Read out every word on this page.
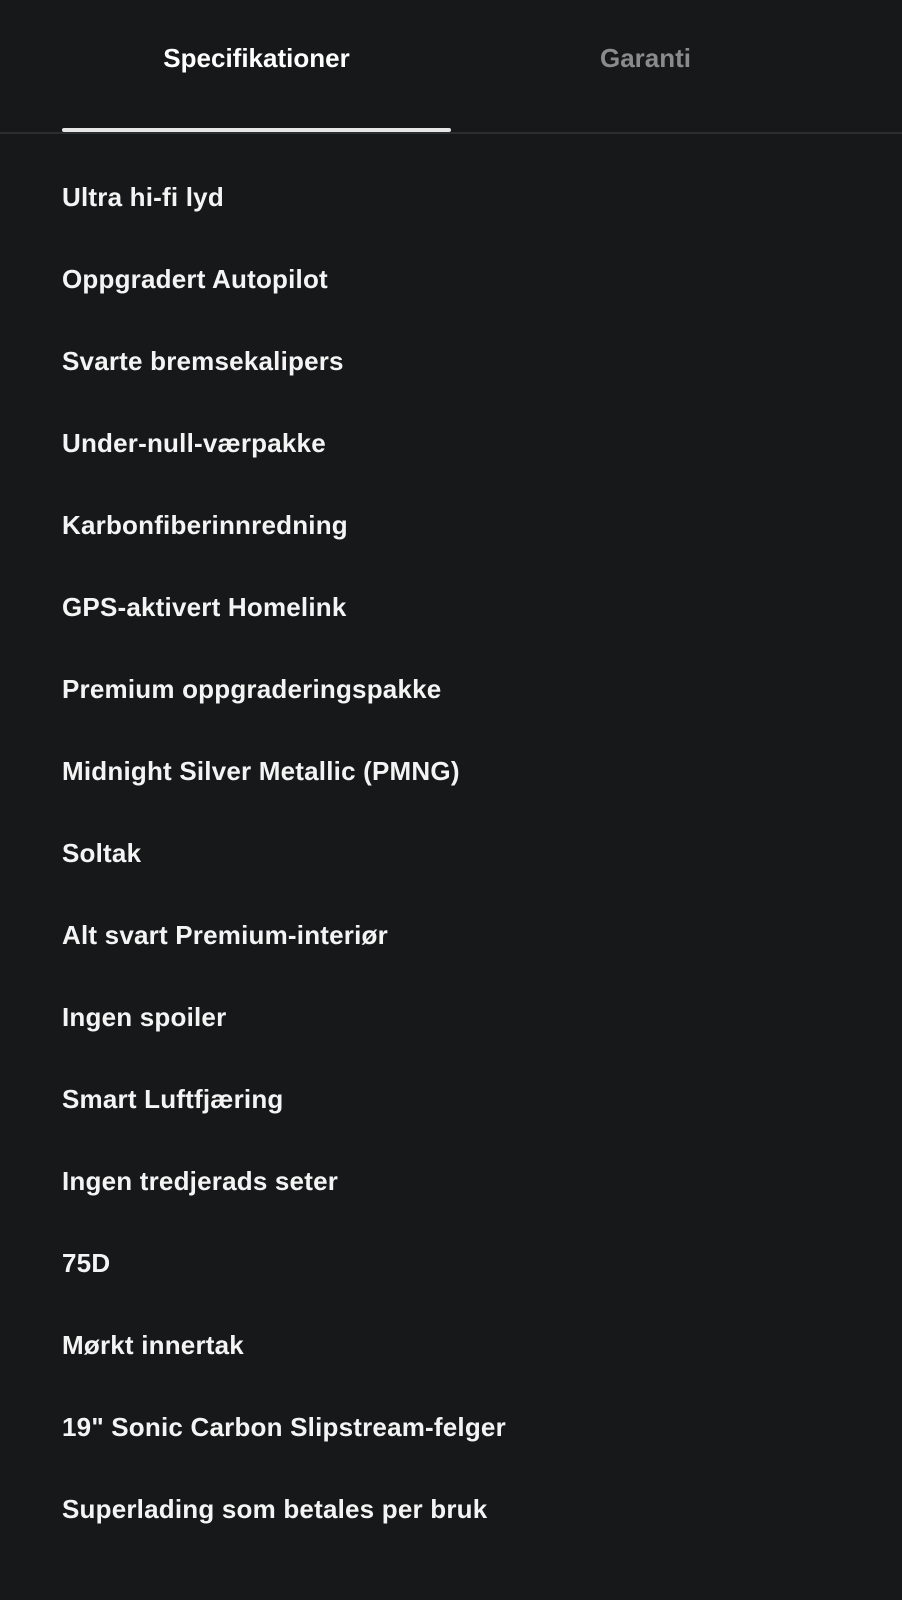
Specifikationer	Garanti
Ultra hi-fi lyd
Oppgradert Autopilot
Svarte bremsekalipers
Under-null-værpakke
Karbonfiberinnredning
GPS-aktivert Homelink
Premium oppgraderingspakke
Midnight Silver Metallic (PMNG)
Soltak
Alt svart Premium-interiør
Ingen spoiler
Smart Luftfjæring
Ingen tredjerads seter
75D
Mørkt innertak
19" Sonic Carbon Slipstream-felger
Superlading som betales per bruk
